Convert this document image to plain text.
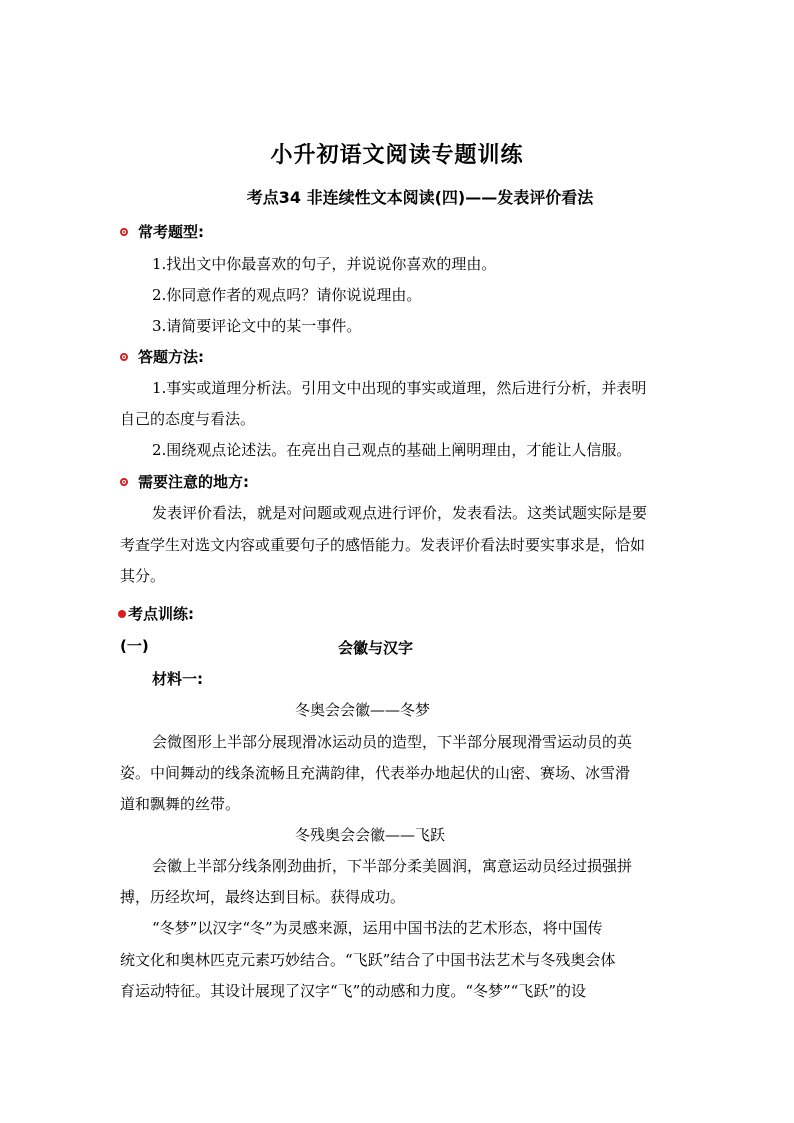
小升初语文阅读专题训练
考点34 非连续性文本阅读(四)——发表评价看法
常考题型:
1.找出文中你最喜欢的句子，并说说你喜欢的理由。
2.你同意作者的观点吗？请你说说理由。
3.请简要评论文中的某一事件。
答题方法:
1.事实或道理分析法。引用文中出现的事实或道理，然后进行分析，并表明
自己的态度与看法。
2.围绕观点论述法。在亮出自己观点的基础上阐明理由，才能让人信服。
需要注意的地方:
发表评价看法，就是对问题或观点进行评价，发表看法。这类试题实际是要
考查学生对选文内容或重要句子的感悟能力。发表评价看法时要实事求是，恰如
其分。
考点训练:
(一)	会徽与汉字
材料一:
冬奥会会徽——冬梦
会微图形上半部分展现滑冰运动员的造型，下半部分展现滑雪运动员的英
姿。中间舞动的线条流畅且充满韵律，代表举办地起伏的山密、赛场、冰雪滑
道和飘舞的丝带。
冬残奥会会徽——飞跃
会徽上半部分线条刚劲曲折，下半部分柔美圆润，寓意运动员经过损强拼
搏，历经坎坷，最终达到目标。获得成功。
“冬梦”以汉字“冬”为灵感来源，运用中国书法的艺术形态，将中国传
统文化和奥林匹克元素巧妙结合。“飞跃”结合了中国书法艺术与冬残奥会体
育运动特征。其设计展现了汉字“飞”的动感和力度。“冬梦”“飞跃”的设
